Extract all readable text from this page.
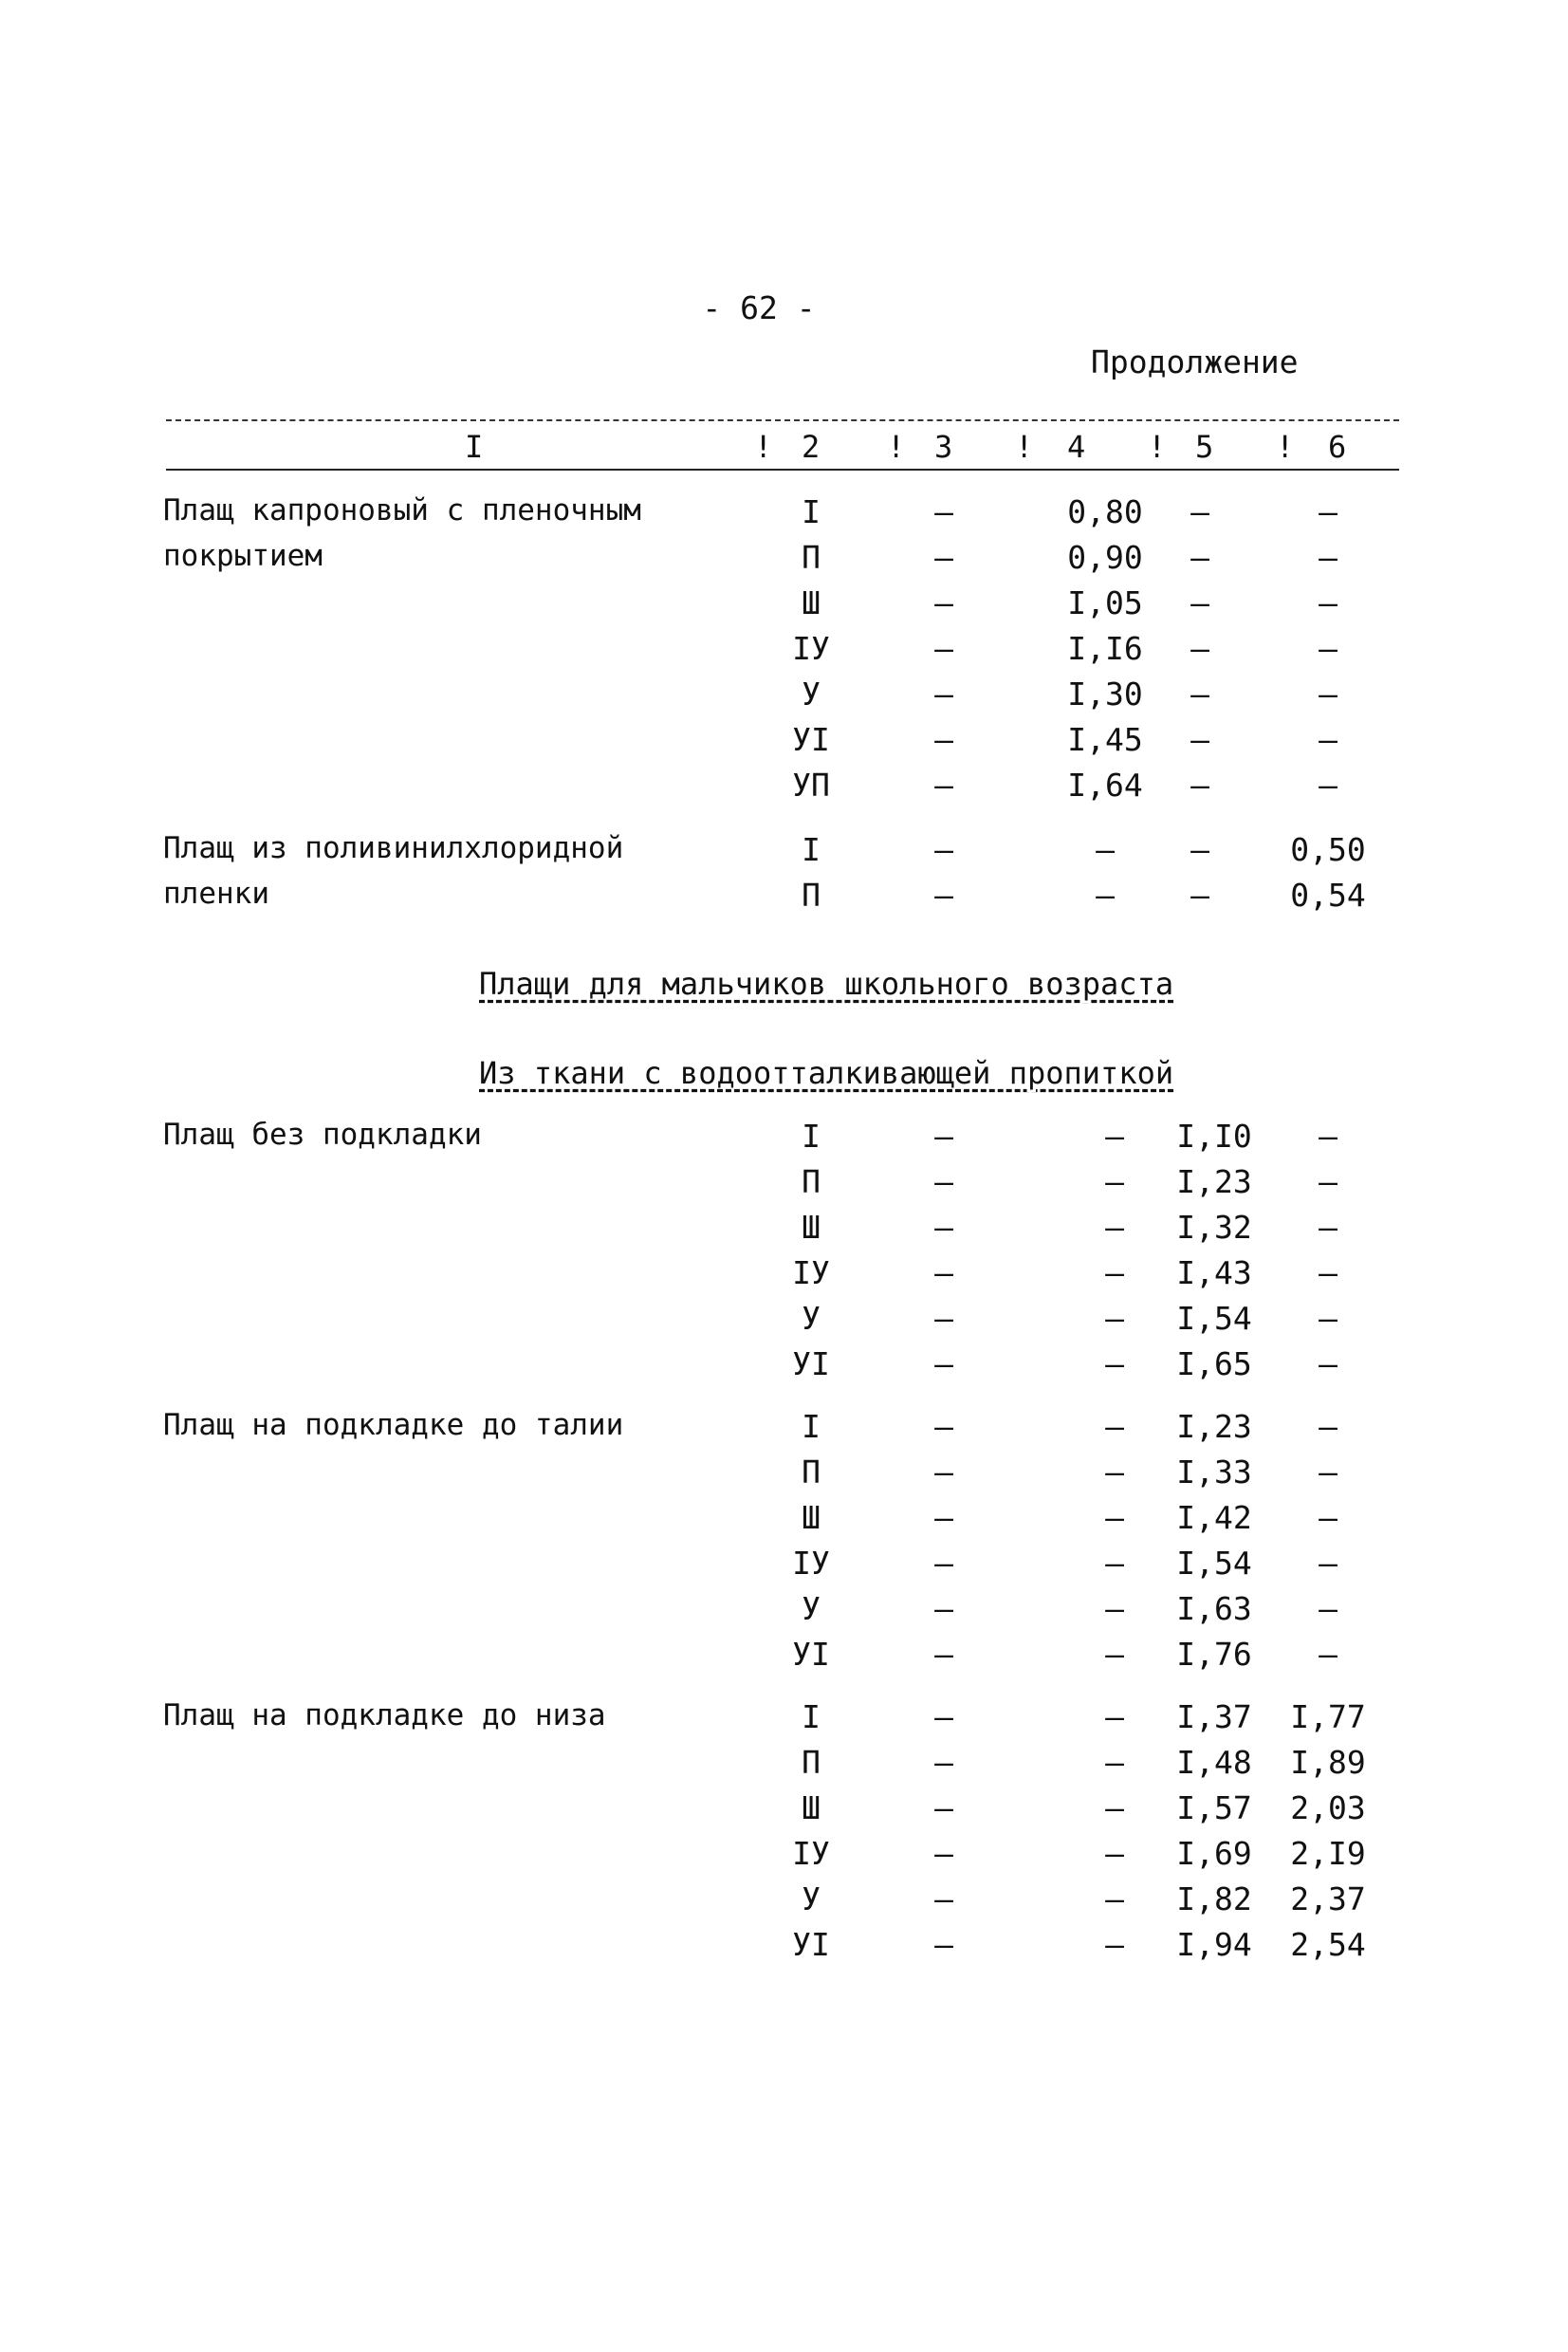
- 62 -
Продолжение
I	! 2 ! 3 ! 4 ! 5 ! 6
Плащ капроновый с пленочным
покрытием
I	–	0,80	–	–
П	–	0,90	–	–
Ш	–	I,05	–	–
IУ	–	I,I6	–	–
У	–	I,30	–	–
УI	–	I,45	–	–
УП	–	I,64	–	–
Плащ из поливинилхлоридной
пленки
I	–	–	–	0,50
П	–	–	–	0,54
Плащи для мальчиков школьного возраста
Из ткани с водоотталкивающей пропиткой
Плащ без подкладки	I	–	–	I,I0	–
П	–	–	I,23	–
Ш	–	–	I,32	–
IУ	–	–	I,43	–
У	–	–	I,54	–
УI	–	–	I,65	–
Плащ на подкладке до талии	I	–	–	I,23	–
П	–	–	I,33	–
Ш	–	–	I,42	–
IУ	–	–	I,54	–
У	–	–	I,63	–
УI	–	–	I,76	–
Плащ на подкладке до низа	I	–	–	I,37	I,77
П	–	–	I,48	I,89
Ш	–	–	I,57	2,03
IУ	–	–	I,69	2,I9
У	–	–	I,82	2,37
УI	–	–	I,94	2,54
